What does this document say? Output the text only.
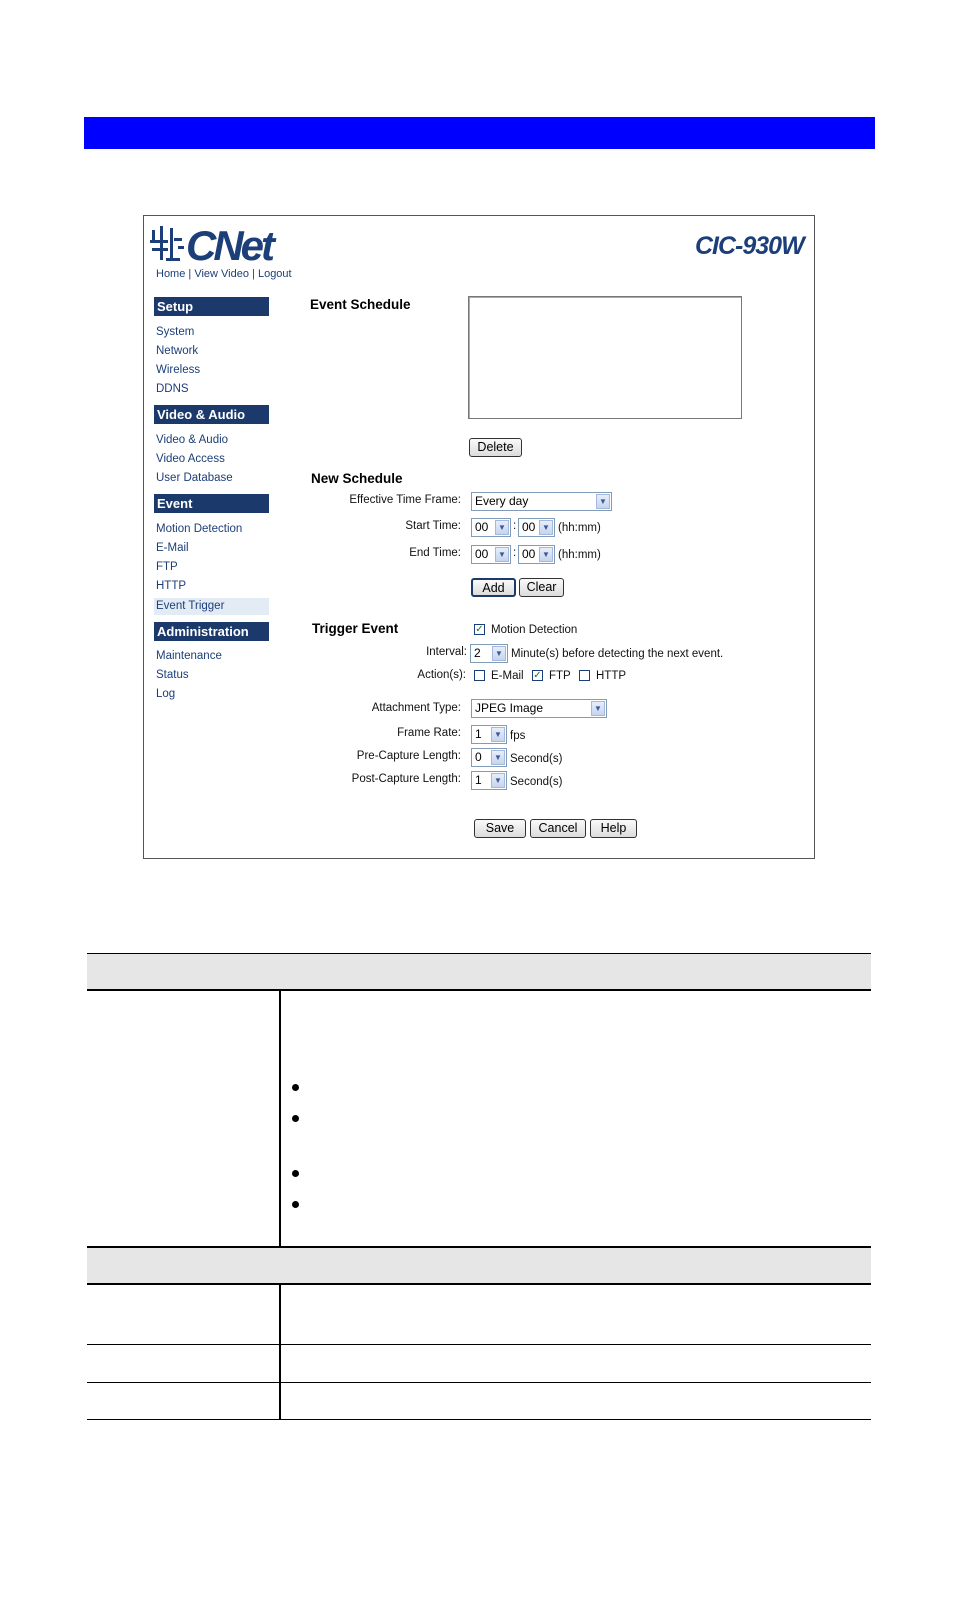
CNet	CIC-930W
Home | View Video | Logout
Setup
System
Network
Wireless
DDNS
Video & Audio
Video & Audio
Video Access
User Database
Event
Motion Detection
E-Mail
FTP
HTTP
Event Trigger
Administration
Maintenance
Status
Log
Event Schedule
Delete
New Schedule
Effective Time Frame:	Every day	▼
Start Time:	00	▼ : 00 ▼ (hh:mm)
End Time:	00	▼ : 00 ▼ (hh:mm)
Add	Clear
Trigger Event	✓ Motion Detection
Interval: 2	▼ Minute(s) before detecting the next event.
Action(s): E-Mail ✓ FTP HTTP
Attachment Type:	JPEG Image	▼
Frame Rate:	1	▼ fps
Pre-Capture Length:	0	▼ Second(s)
Post-Capture Length:	1	▼ Second(s)
Save	Cancel	Help
